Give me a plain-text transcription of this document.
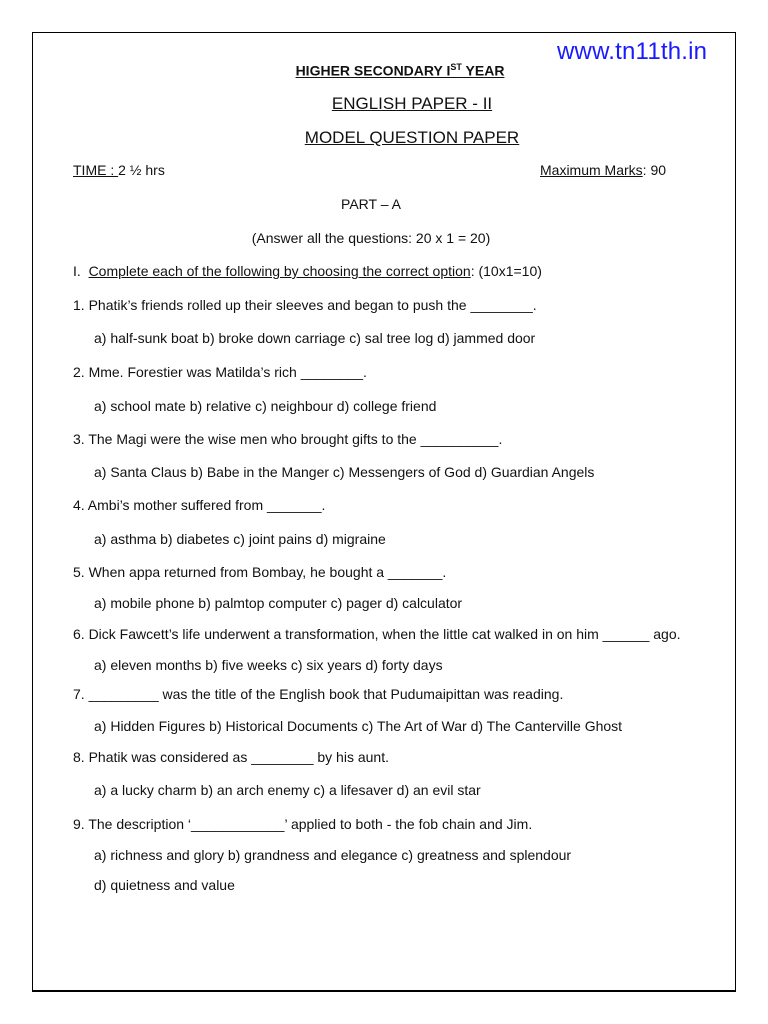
www.tn11th.in
HIGHER SECONDARY IST YEAR
ENGLISH PAPER - II
MODEL QUESTION PAPER
TIME : 2 ½ hrs	Maximum Marks: 90
PART – A
(Answer all the questions: 20 x 1 = 20)
I. Complete each of the following by choosing the correct option: (10x1=10)
1. Phatik’s friends rolled up their sleeves and began to push the ________.
a) half-sunk boat b) broke down carriage c) sal tree log d) jammed door
2. Mme. Forestier was Matilda’s rich ________.
a) school mate b) relative c) neighbour d) college friend
3. The Magi were the wise men who brought gifts to the __________.
a) Santa Claus b) Babe in the Manger c) Messengers of God d) Guardian Angels
4. Ambi’s mother suffered from _______.
a) asthma b) diabetes c) joint pains d) migraine
5. When appa returned from Bombay, he bought a _______.
a) mobile phone b) palmtop computer c) pager d) calculator
6. Dick Fawcett’s life underwent a transformation, when the little cat walked in on him ______ ago.
a) eleven months b) five weeks c) six years d) forty days
7. _________ was the title of the English book that Pudumaipittan was reading.
a) Hidden Figures b) Historical Documents c) The Art of War d) The Canterville Ghost
8. Phatik was considered as ________ by his aunt.
a) a lucky charm b) an arch enemy c) a lifesaver d) an evil star
9. The description ‘____________’ applied to both - the fob chain and Jim.
a) richness and glory b) grandness and elegance c) greatness and splendour
d) quietness and value
